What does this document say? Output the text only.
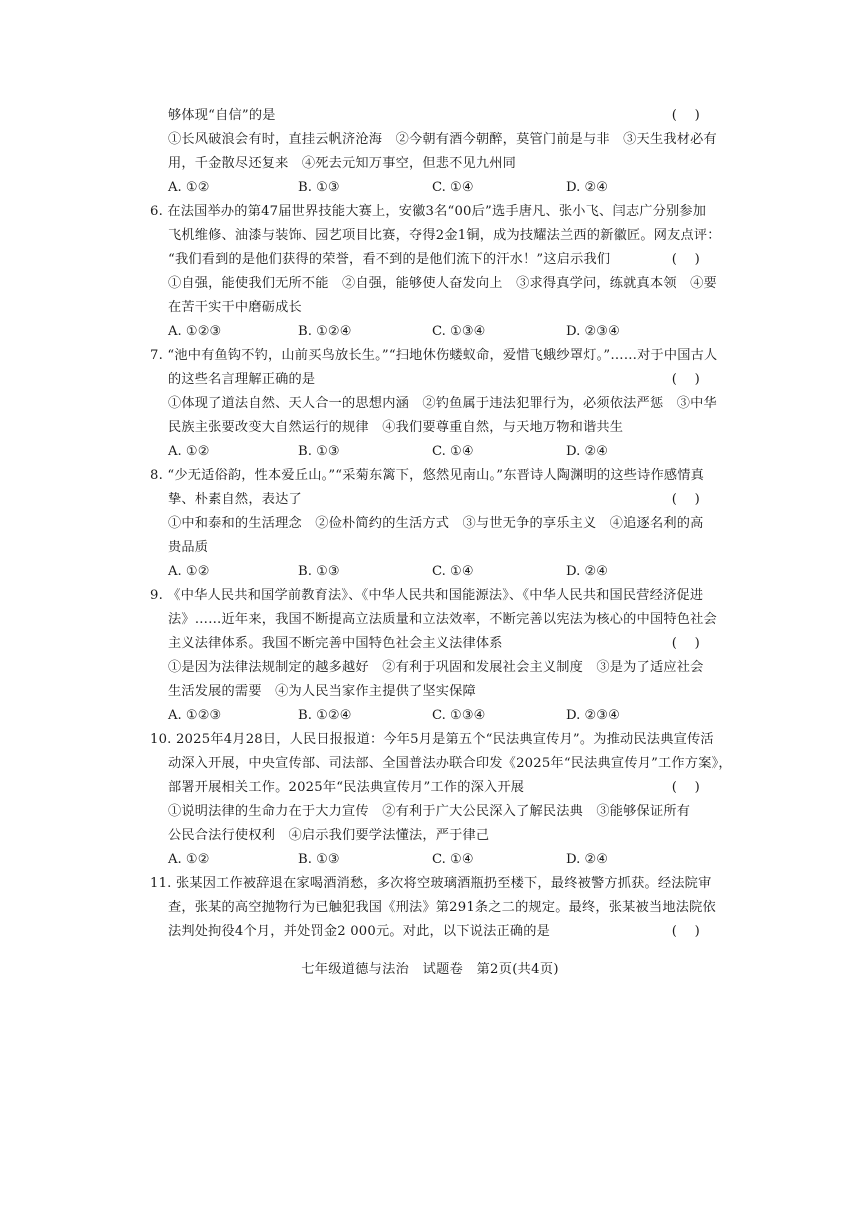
够体现“自信”的是	(    )
①长风破浪会有时，直挂云帆济沧海　②今朝有酒今朝醉，莫管门前是与非　③天生我材必有
用，千金散尽还复来　④死去元知万事空，但悲不见九州同
A. ①②	B. ①③	C. ①④	D. ②④
6. 在法国举办的第47届世界技能大赛上，安徽3名“00后”选手唐凡、张小飞、闫志广分别参加
飞机维修、油漆与装饰、园艺项目比赛，夺得2金1铜，成为技耀法兰西的新徽匠。网友点评：
“我们看到的是他们获得的荣誉，看不到的是他们流下的汗水！”这启示我们	(    )
①自强，能使我们无所不能　②自强，能够使人奋发向上　③求得真学问，练就真本领　④要
在苦干实干中磨砺成长
A. ①②③	B. ①②④	C. ①③④	D. ②③④
7. “池中有鱼钩不钓，山前买鸟放长生。”“扫地休伤蝼蚁命，爱惜飞蛾纱罩灯。”……对于中国古人
的这些名言理解正确的是	(    )
①体现了道法自然、天人合一的思想内涵　②钓鱼属于违法犯罪行为，必须依法严惩　③中华
民族主张要改变大自然运行的规律　④我们要尊重自然，与天地万物和谐共生
A. ①②	B. ①③	C. ①④	D. ②④
8. “少无适俗韵，性本爱丘山。”“采菊东篱下，悠然见南山。”东晋诗人陶渊明的这些诗作感情真
挚、朴素自然，表达了	(    )
①中和泰和的生活理念　②俭朴简约的生活方式　③与世无争的享乐主义　④追逐名利的高
贵品质
A. ①②	B. ①③	C. ①④	D. ②④
9. 《中华人民共和国学前教育法》、《中华人民共和国能源法》、《中华人民共和国民营经济促进
法》……近年来，我国不断提高立法质量和立法效率，不断完善以宪法为核心的中国特色社会
主义法律体系。我国不断完善中国特色社会主义法律体系	(    )
①是因为法律法规制定的越多越好　②有利于巩固和发展社会主义制度　③是为了适应社会
生活发展的需要　④为人民当家作主提供了坚实保障
A. ①②③	B. ①②④	C. ①③④	D. ②③④
10. 2025年4月28日，人民日报报道：今年5月是第五个“民法典宣传月”。为推动民法典宣传活
动深入开展，中央宣传部、司法部、全国普法办联合印发《2025年“民法典宣传月”工作方案》，
部署开展相关工作。2025年“民法典宣传月”工作的深入开展	(    )
①说明法律的生命力在于大力宣传　②有利于广大公民深入了解民法典　③能够保证所有
公民合法行使权利　④启示我们要学法懂法，严于律己
A. ①②	B. ①③	C. ①④	D. ②④
11. 张某因工作被辞退在家喝酒消愁，多次将空玻璃酒瓶扔至楼下，最终被警方抓获。经法院审
查，张某的高空抛物行为已触犯我国《刑法》第291条之二的规定。最终，张某被当地法院依
法判处拘役4个月，并处罚金2 000元。对此，以下说法正确的是	(    )
七年级道德与法治　试题卷　第2页(共4页)
